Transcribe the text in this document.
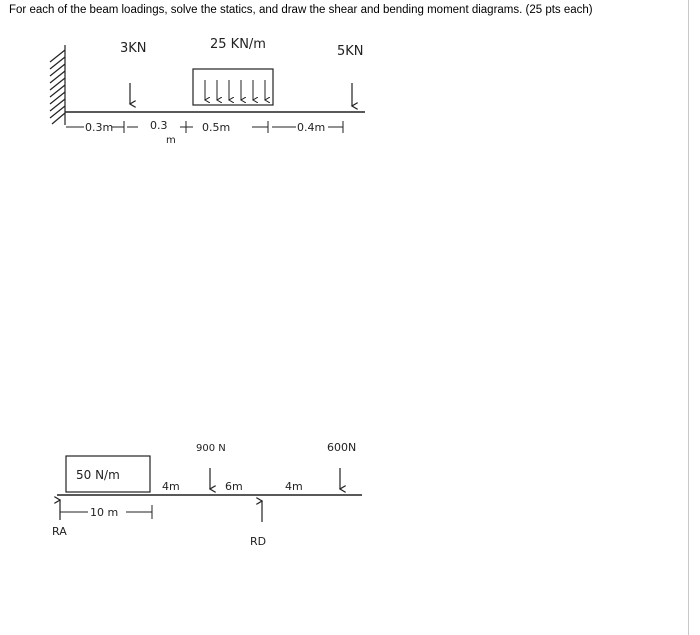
For each of the beam loadings, solve the statics, and draw the shear and bending moment diagrams. (25 pts each)
3KN	25 KN/m	5KN
0.3m	0.3
m
0.5m	0.4m
50 N/m
900 N	600N
4m	6m	4m
RA
RD
10 m
